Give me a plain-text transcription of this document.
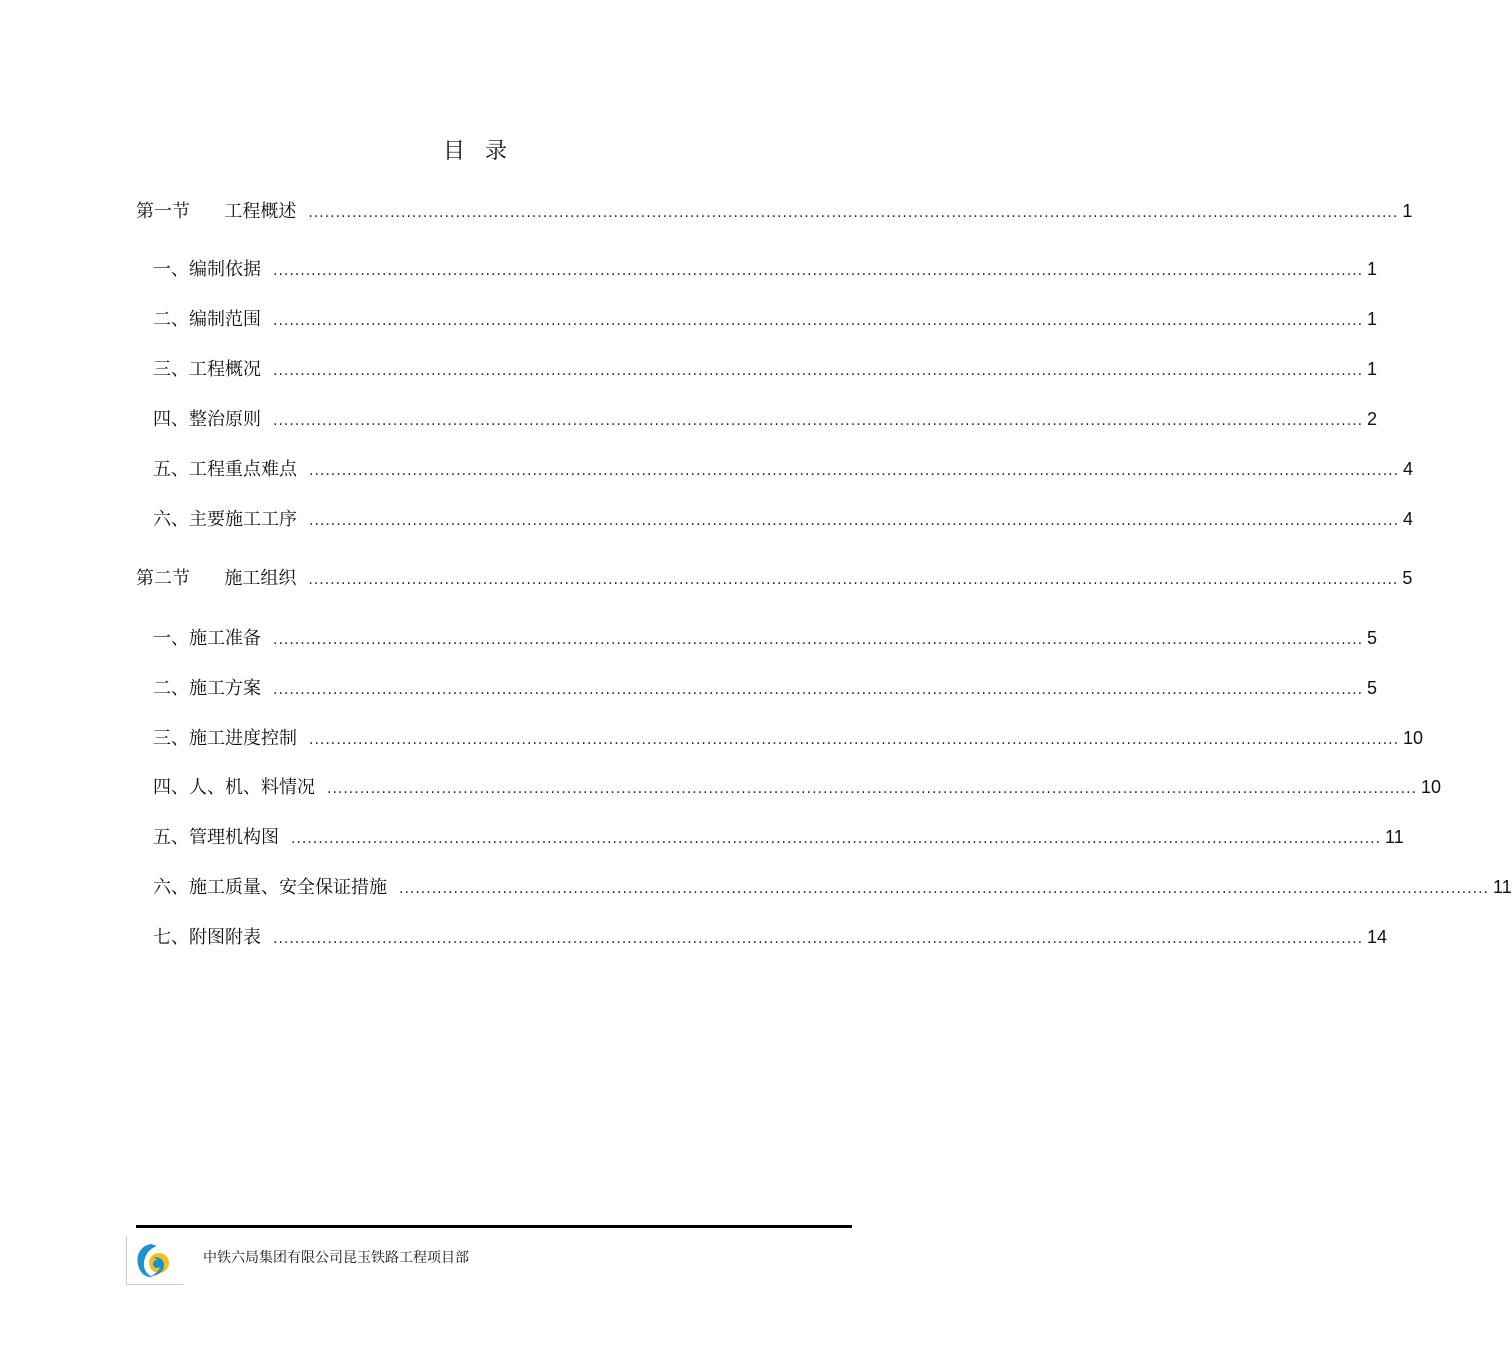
目录
第一节      工程概述 ........................................................................................................................................................................................................ 1
一、编制依据 ........................................................................................................................................................................................................ 1
二、编制范围 ........................................................................................................................................................................................................ 1
三、工程概况 ........................................................................................................................................................................................................ 1
四、整治原则 ........................................................................................................................................................................................................ 2
五、工程重点难点 ........................................................................................................................................................................................................ 4
六、主要施工工序 ........................................................................................................................................................................................................ 4
第二节      施工组织 ........................................................................................................................................................................................................ 5
一、施工准备 ........................................................................................................................................................................................................ 5
二、施工方案 ........................................................................................................................................................................................................ 5
三、施工进度控制 ........................................................................................................................................................................................................ 10
四、人、机、料情况 ........................................................................................................................................................................................................ 10
五、管理机构图 ........................................................................................................................................................................................................ 11
六、施工质量、安全保证措施 ........................................................................................................................................................................................................ 11
七、附图附表 ........................................................................................................................................................................................................ 14
中铁六局集团有限公司昆玉铁路工程项目部
